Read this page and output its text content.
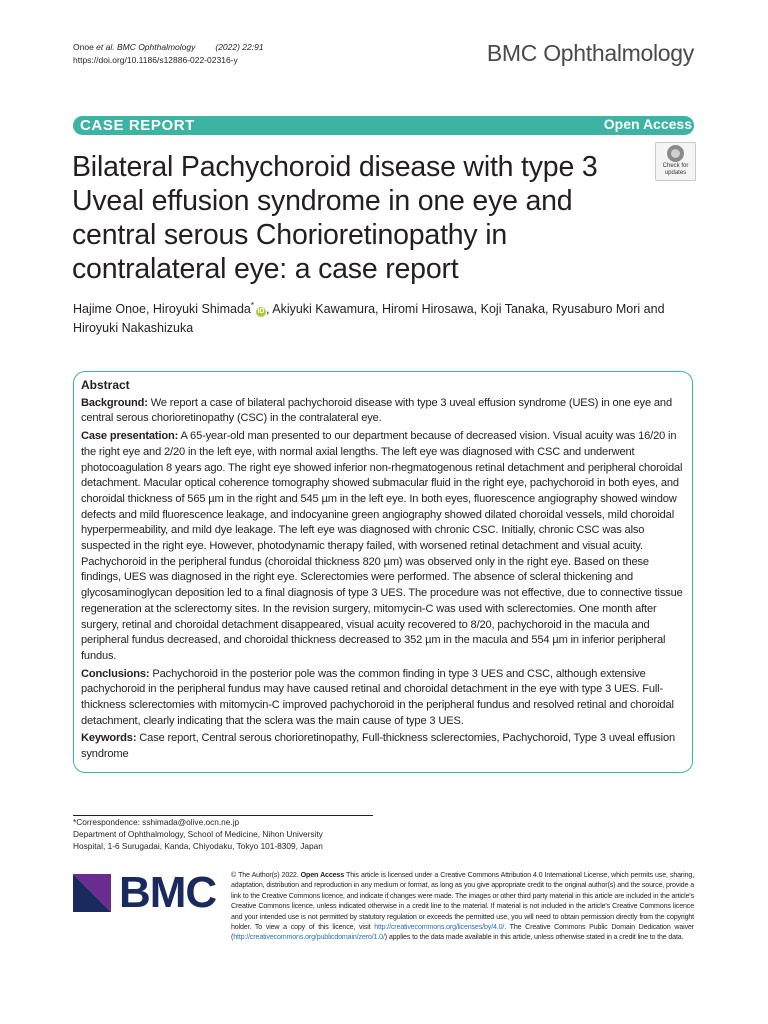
Onoe et al. BMC Ophthalmology (2022) 22:91
https://doi.org/10.1186/s12886-022-02316-y	BMC Ophthalmology
CASE REPORT	Open Access
Check for
updates
Bilateral Pachychoroid disease with type 3 Uveal effusion syndrome in one eye and central serous Chorioretinopathy in contralateral eye: a case report
Hajime Onoe, Hiroyuki Shimada*iD , Akiyuki Kawamura, Hiromi Hirosawa, Koji Tanaka, Ryusaburo Mori and Hiroyuki Nakashizuka
Abstract

Background: We report a case of bilateral pachychoroid disease with type 3 uveal effusion syndrome (UES) in one eye and central serous chorioretinopathy (CSC) in the contralateral eye.

Case presentation: A 65-year-old man presented to our department because of decreased vision. Visual acuity was 16/20 in the right eye and 2/20 in the left eye, with normal axial lengths. The left eye was diagnosed with CSC and underwent photocoagulation 8 years ago. The right eye showed inferior non-rhegmatogenous retinal detachment and peripheral choroidal detachment. Macular optical coherence tomography showed submacular fluid in the right eye, pachychoroid in both eyes, and choroidal thickness of 565 µm in the right and 545 µm in the left eye. In both eyes, fluorescence angiography showed window defects and mild fluorescence leakage, and indocyanine green angiography showed dilated choroidal vessels, mild choroidal hyperpermeability, and mild dye leakage. The left eye was diagnosed with chronic CSC. Initially, chronic CSC was also suspected in the right eye. However, photodynamic therapy failed, with worsened retinal detachment and visual acuity. Pachychoroid in the peripheral fundus (choroidal thickness 820 µm) was observed only in the right eye. Based on these findings, UES was diagnosed in the right eye. Sclerectomies were performed. The absence of scleral thickening and glycosaminoglycan deposition led to a final diagnosis of type 3 UES. The procedure was not effective, due to connective tissue regeneration at the sclerectomy sites. In the revision surgery, mitomycin-C was used with sclerectomies. One month after surgery, retinal and choroidal detachment disappeared, visual acuity recovered to 8/20, pachychoroid in the macula and peripheral fundus decreased, and choroidal thickness decreased to 352 µm in the macula and 554 µm in inferior peripheral fundus.

Conclusions: Pachychoroid in the posterior pole was the common finding in type 3 UES and CSC, although extensive pachychoroid in the peripheral fundus may have caused retinal and choroidal detachment in the eye with type 3 UES. Full-thickness sclerectomies with mitomycin-C improved pachychoroid in the peripheral fundus and resolved retinal and choroidal detachment, clearly indicating that the sclera was the main cause of type 3 UES.

Keywords: Case report, Central serous chorioretinopathy, Full-thickness sclerectomies, Pachychoroid, Type 3 uveal effusion syndrome

*Correspondence: sshimada@olive.ocn.ne.jp
Department of Ophthalmology, School of Medicine, Nihon University
Hospital, 1-6 Surugadai, Kanda, Chiyodaku, Tokyo 101-8309, Japan
BMC © The Author(s) 2022. Open Access This article is licensed under a Creative Commons Attribution 4.0 International License, which permits use, sharing, adaptation, distribution and reproduction in any medium or format, as long as you give appropriate credit to the original author(s) and the source, provide a link to the Creative Commons licence, and indicate if changes were made. The images or other third party material in this article are included in the article's Creative Commons licence, unless indicated otherwise in a credit line to the material. If material is not included in the article's Creative Commons licence and your intended use is not permitted by statutory regulation or exceeds the permitted use, you will need to obtain permission directly from the copyright holder. To view a copy of this licence, visit http://creativecommons.org/licenses/by/4.0/. The Creative Commons Public Domain Dedication waiver (http://creativecommons.org/publicdomain/zero/1.0/) applies to the data made available in this article, unless otherwise stated in a credit line to the data.
